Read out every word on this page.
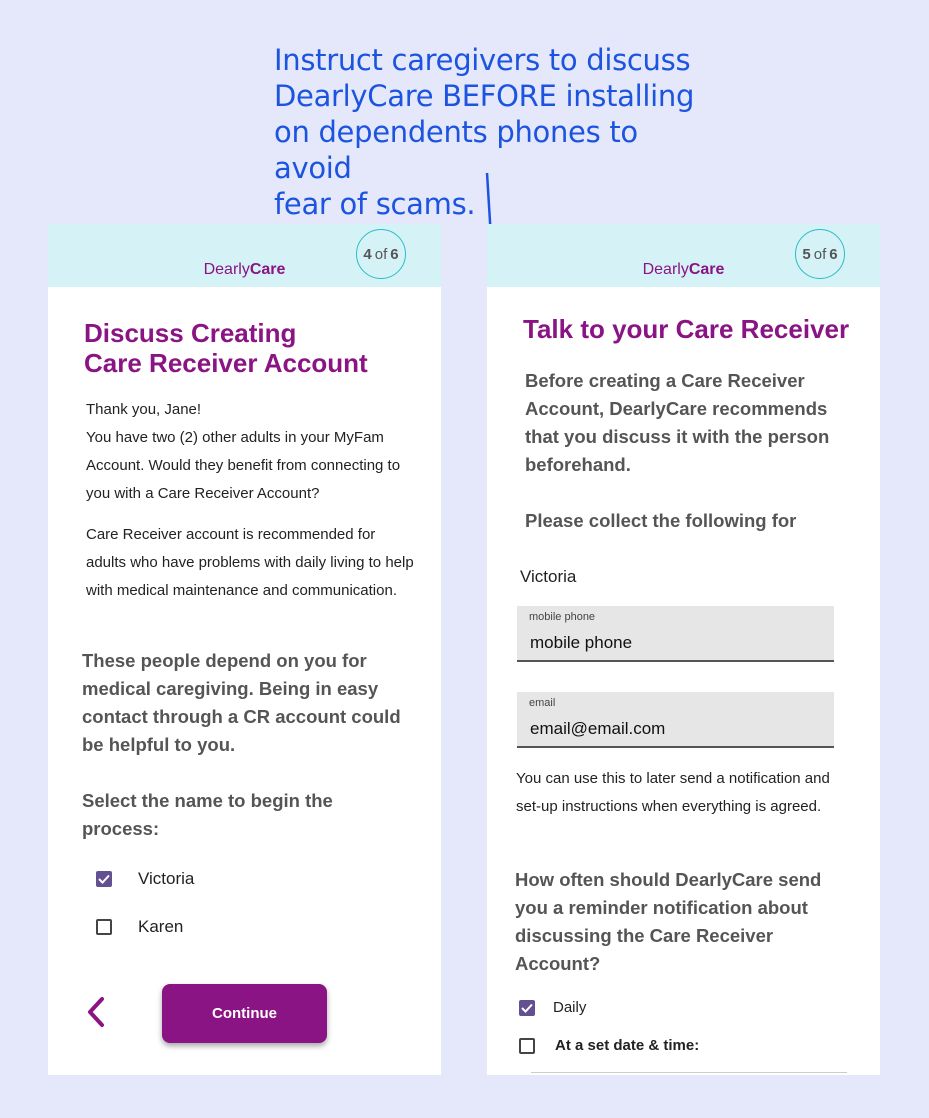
Instruct caregivers to discuss
DearlyCare BEFORE installing
on dependents phones to avoid
fear of scams.
DearlyCare
4 of 6
Discuss Creating
Care Receiver Account
Thank you, Jane!
You have two (2) other adults in your MyFam Account. Would they benefit from connecting to you with a Care Receiver Account?
Care Receiver account is recommended for adults who have problems with daily living to help with medical maintenance and communication.
These people depend on you for medical caregiving. Being in easy contact through a CR account could be helpful to you.
Select the name to begin the process:
Victoria
Karen
Continue
DearlyCare
5 of 6
Talk to your Care Receiver
Before creating a Care Receiver Account, DearlyCare recommends that you discuss it with the person beforehand.
Please collect the following for
Victoria
mobile phone
mobile phone
email
email@email.com
You can use this to later send a notification and set-up instructions when everything is agreed.
How often should DearlyCare send you a reminder notification about discussing the Care Receiver Account?
Daily
At a set date & time:
